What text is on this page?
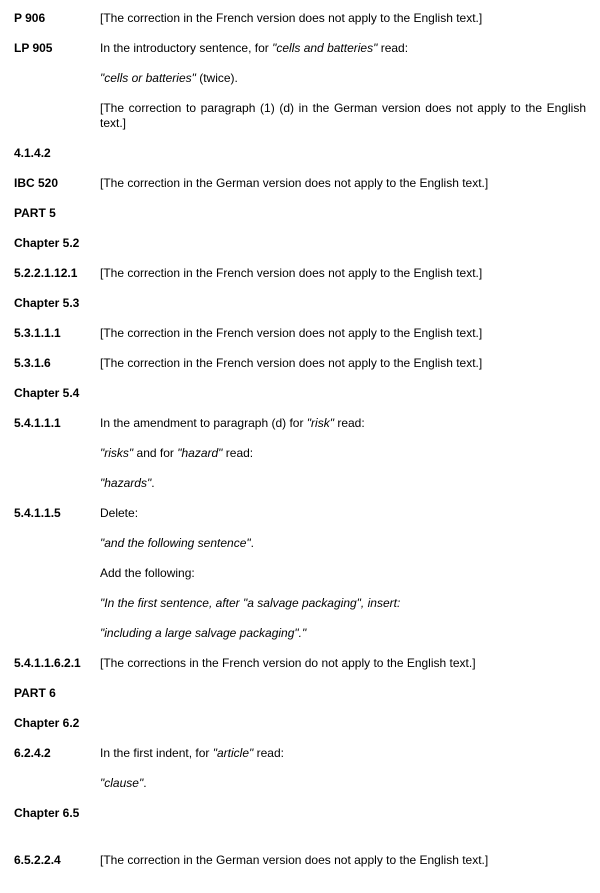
P 906	[The correction in the French version does not apply to the English text.]

LP 905	In the introductory sentence, for "cells and batteries" read:

"cells or batteries" (twice).

[The correction to paragraph (1) (d) in the German version does not apply to the English text.]

4.1.4.2
IBC 520	[The correction in the German version does not apply to the English text.]

PART 5
Chapter 5.2
5.2.2.1.12.1	[The correction in the French version does not apply to the English text.]

Chapter 5.3
5.3.1.1.1	[The correction in the French version does not apply to the English text.]

5.3.1.6	[The correction in the French version does not apply to the English text.]

Chapter 5.4
5.4.1.1.1	In the amendment to paragraph (d) for "risk" read:

"risks" and for "hazard" read:

"hazards".

5.4.1.1.5	Delete:

"and the following sentence".

Add the following:

"In the first sentence, after "a salvage packaging", insert:

"including a large salvage packaging"."

5.4.1.1.6.2.1	[The corrections in the French version do not apply to the English text.]

PART 6
Chapter 6.2
6.2.4.2	In the first indent, for "article" read:

"clause".

Chapter 6.5
6.5.2.2.4	[The correction in the German version does not apply to the English text.]
